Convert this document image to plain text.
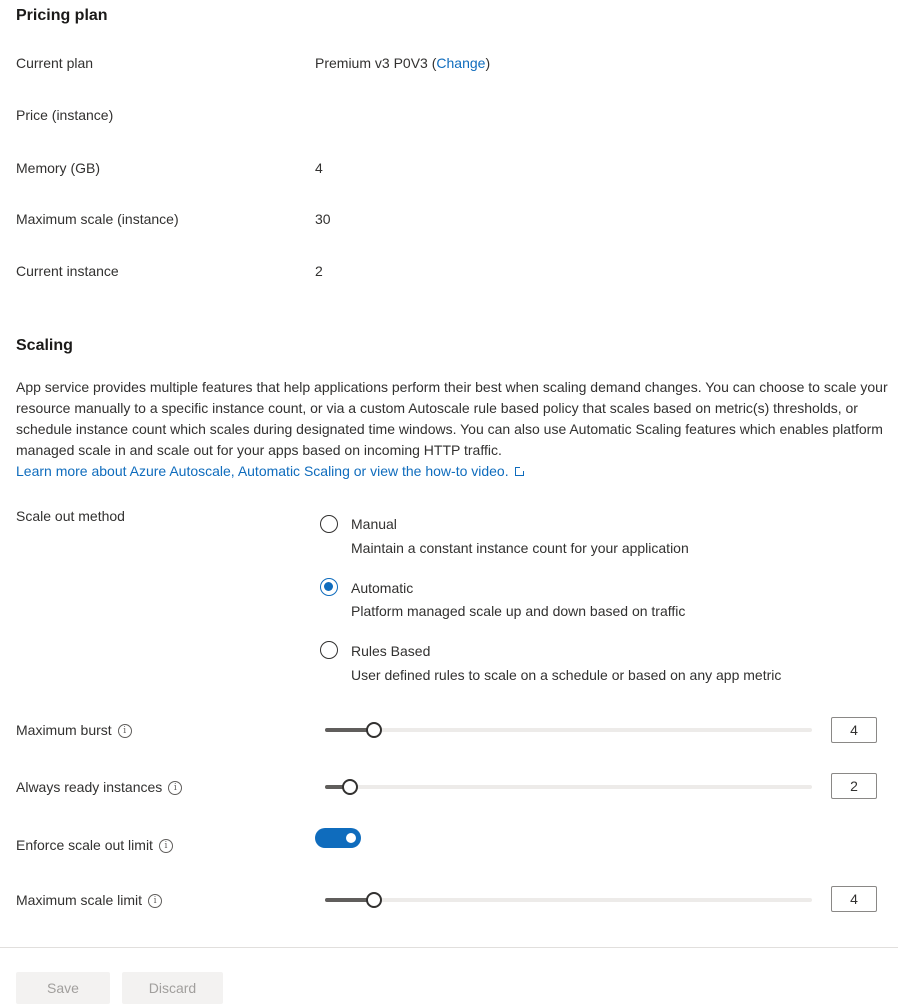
Pricing plan
Current plan	Premium v3 P0V3 (Change)
Price (instance)
Memory (GB)	4
Maximum scale (instance)	30
Current instance	2
Scaling
App service provides multiple features that help applications perform their best when scaling demand changes. You can choose to scale your resource manually to a specific instance count, or via a custom Autoscale rule based policy that scales based on metric(s) thresholds, or schedule instance count which scales during designated time windows. You can also use Automatic Scaling features which enables platform managed scale in and scale out for your apps based on incoming HTTP traffic.
Learn more about Azure Autoscale, Automatic Scaling or view the how-to video.
Scale out method	Manual
Maintain a constant instance count for your application
Automatic
Platform managed scale up and down based on traffic
Rules Based
User defined rules to scale on a schedule or based on any app metric
Maximum burst i	4
Always ready instances i	2
Enforce scale out limit i
Maximum scale limit i	4
Save	Discard
